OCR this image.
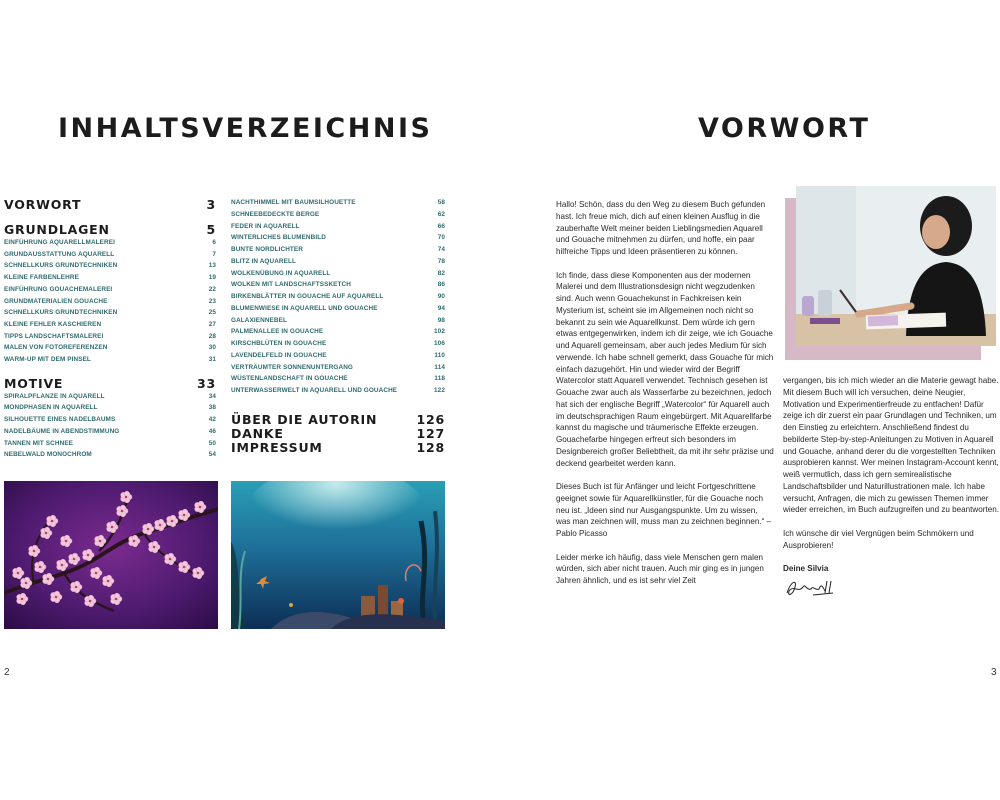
INHALTSVERZEICHNIS
VORWORT	3
GRUNDLAGEN	5
EINFÜHRUNG AQUARELLMALEREI	6
GRUNDAUSSTATTUNG AQUARELL	7
SCHNELLKURS GRUNDTECHNIKEN	13
KLEINE FARBENLEHRE	19
EINFÜHRUNG GOUACHEMALEREI	22
GRUNDMATERIALIEN GOUACHE	23
SCHNELLKURS GRUNDTECHNIKEN	25
KLEINE FEHLER KASCHIEREN	27
TIPPS LANDSCHAFTSMALEREI	28
MALEN VON FOTOREFERENZEN	30
WARM-UP MIT DEM PINSEL	31
MOTIVE	33
SPIRALPFLANZE IN AQUARELL	34
MONDPHASEN IN AQUARELL	38
SILHOUETTE EINES NADELBAUMS	42
NADELBÄUME IN ABENDSTIMMUNG	46
TANNEN MIT SCHNEE	50
NEBELWALD MONOCHROM	54
NACHTHIMMEL MIT BAUMSILHOUETTE	58
SCHNEEBEDECKTE BERGE	62
FEDER IN AQUARELL	66
WINTERLICHES BLUMENBILD	70
BUNTE NORDLICHTER	74
BLITZ IN AQUARELL	78
WOLKENÜBUNG IN AQUARELL	82
WOLKEN MIT LANDSCHAFTSSKETCH	86
BIRKENBLÄTTER IN GOUACHE AUF AQUARELL	90
BLUMENWIESE IN AQUARELL UND GOUACHE	94
GALAXIENNEBEL	98
PALMENALLEE IN GOUACHE	102
KIRSCHBLÜTEN IN GOUACHE	106
LAVENDELFELD IN GOUACHE	110
VERTRÄUMTER SONNENUNTERGANG	114
WÜSTENLANDSCHAFT IN GOUACHE	118
UNTERWASSERWELT IN AQUARELL UND GOUACHE	122
ÜBER DIE AUTORIN	126
DANKE	127
IMPRESSUM	128
2
VORWORT

Hallo! Schön, dass du den Weg zu diesem Buch gefunden hast. Ich freue mich, dich auf einen kleinen Ausflug in die zauberhafte Welt meiner beiden Lieblingsmedien Aquarell und Gouache mitnehmen zu dürfen, und hoffe, ein paar hilfreiche Tipps und Ideen präsentieren zu können.

Ich finde, dass diese Komponenten aus der modernen Malerei und dem Illustrationsdesign nicht wegzudenken sind. Auch wenn Gouachekunst in Fachkreisen kein Mysterium ist, scheint sie im Allgemeinen noch nicht so bekannt zu sein wie Aquarellkunst. Dem würde ich gern etwas entgegenwirken, indem ich dir zeige, wie ich Gouache und Aquarell gemeinsam, aber auch jedes Medium für sich verwende. Ich habe schnell gemerkt, dass Gouache für mich einfach dazugehört. Hin und wieder wird der Begriff Watercolor statt Aquarell verwendet. Technisch gesehen ist Gouache zwar auch als Wasserfarbe zu bezeichnen, jedoch hat sich der englische Begriff „Watercolor“ für Aquarell auch im deutschsprachigen Raum eingebürgert. Mit Aquarellfarbe kannst du magische und träumerische Effekte erzeugen. Gouachefarbe hingegen erfreut sich besonders im Designbereich großer Beliebtheit, da mit ihr sehr präzise und deckend gearbeitet werden kann.

Dieses Buch ist für Anfänger und leicht Fortgeschrittene geeignet sowie für Aquarellkünstler, für die Gouache noch neu ist. „Ideen sind nur Ausgangspunkte. Um zu wissen, was man zeichnen will, muss man zu zeichnen beginnen.“ – Pablo Picasso

Leider merke ich häufig, dass viele Menschen gern malen würden, sich aber nicht trauen. Auch mir ging es in jungen Jahren ähnlich, und es ist sehr viel Zeit

vergangen, bis ich mich wieder an die Materie gewagt habe. Mit diesem Buch will ich versuchen, deine Neugier, Motivation und Experimentierfreude zu entfachen! Dafür zeige ich dir zuerst ein paar Grundlagen und Techniken, um den Einstieg zu erleichtern. Anschließend findest du bebilderte Step-by-step-Anleitungen zu Motiven in Aquarell und Gouache, anhand derer du die vorgestellten Techniken ausprobieren kannst. Wer meinen Instagram-Account kennt, weiß vermutlich, dass ich gern semirealistische Landschaftsbilder und Naturillustrationen male. Ich habe versucht, Anfragen, die mich zu gewissen Themen immer wieder erreichen, im Buch aufzugreifen und zu beantworten.

Ich wünsche dir viel Vergnügen beim Schmökern und Ausprobieren!

Deine Silvia
3
